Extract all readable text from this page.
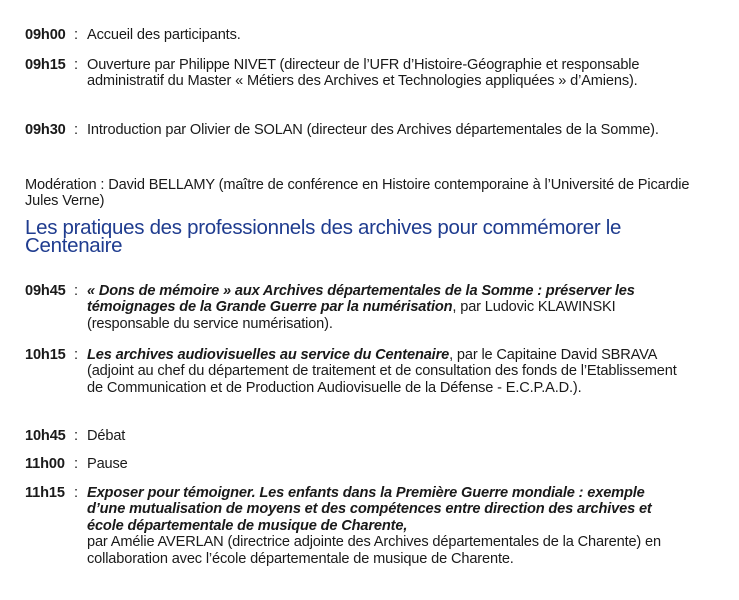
09h00 : Accueil des participants.
09h15 : Ouverture par Philippe NIVET (directeur de l’UFR d’Histoire-Géographie et responsable administratif du Master « Métiers des Archives et Technologies appliquées » d’Amiens).
09h30 : Introduction par Olivier de SOLAN (directeur des Archives départementales de la Somme).
Modération : David BELLAMY (maître de conférence en Histoire contemporaine à l’Université de Picardie Jules Verne)
Les pratiques des professionnels des archives pour commémorer le Centenaire
09h45 : « Dons de mémoire » aux Archives départementales de la Somme : préserver les témoignages de la Grande Guerre par la numérisation, par Ludovic KLAWINSKI (responsable du service numérisation).
10h15 : Les archives audiovisuelles au service du Centenaire, par le Capitaine David SBRAVA (adjoint au chef du département de traitement et de consultation des fonds de l’Etablissement de Communication et de Production Audiovisuelle de la Défense - E.C.P.A.D.).
10h45 : Débat
11h00 : Pause
11h15 : Exposer pour témoigner. Les enfants dans la Première Guerre mondiale : exemple d’une mutualisation de moyens et des compétences entre direction des archives et école départementale de musique de Charente,
par Amélie AVERLAN (directrice adjointe des Archives départementales de la Charente) en collaboration avec l’école départementale de musique de Charente.
